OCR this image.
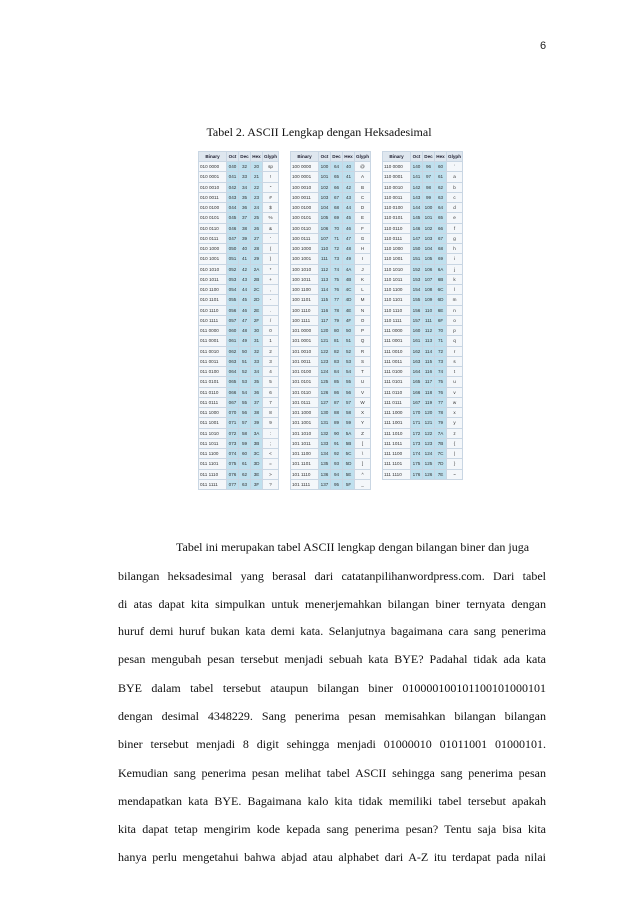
6
Tabel 2. ASCII Lengkap dengan Heksadesimal
Binary	Oct	Dec	Hex	Glyph
010 0000	040	32	20	sp
010 0001	041	33	21	!
010 0010	042	34	22	"
010 0011	043	35	23	#
010 0100	044	36	24	$
010 0101	045	37	25	%
010 0110	046	38	26	&
010 0111	047	39	27	'
010 1000	050	40	28	(
010 1001	051	41	29	)
010 1010	052	42	2A	*
010 1011	053	43	2B	+
010 1100	054	44	2C	,
010 1101	055	45	2D	-
010 1110	056	46	2E	.
010 1111	057	47	2F	/
011 0000	060	48	30	0
011 0001	061	49	31	1
011 0010	062	50	32	2
011 0011	063	51	33	3
011 0100	064	52	34	4
011 0101	065	53	35	5
011 0110	066	54	36	6
011 0111	067	55	37	7
011 1000	070	56	38	8
011 1001	071	57	39	9
011 1010	072	58	3A	:
011 1011	073	59	3B	;
011 1100	074	60	3C	<
011 1101	075	61	3D	=
011 1110	076	62	3E	>
011 1111	077	63	3F	?
Binary	Oct	Dec	Hex	Glyph
100 0000	100	64	40	@
100 0001	101	65	41	A
100 0010	102	66	42	B
100 0011	103	67	43	C
100 0100	104	68	44	D
100 0101	105	69	45	E
100 0110	106	70	46	F
100 0111	107	71	47	G
100 1000	110	72	48	H
100 1001	111	73	49	I
100 1010	112	74	4A	J
100 1011	113	75	4B	K
100 1100	114	76	4C	L
100 1101	115	77	4D	M
100 1110	116	78	4E	N
100 1111	117	79	4F	O
101 0000	120	80	50	P
101 0001	121	81	51	Q
101 0010	122	82	52	R
101 0011	123	83	53	S
101 0100	124	84	54	T
101 0101	125	85	55	U
101 0110	126	86	56	V
101 0111	127	87	57	W
101 1000	130	88	58	X
101 1001	131	89	59	Y
101 1010	132	90	5A	Z
101 1011	133	91	5B	[
101 1100	134	92	5C	\
101 1101	135	93	5D	]
101 1110	136	94	5E	^
101 1111	137	95	5F	_
Binary	Oct	Dec	Hex	Glyph
110 0000	140	96	60	`
110 0001	141	97	61	a
110 0010	142	98	62	b
110 0011	143	99	63	c
110 0100	144	100	64	d
110 0101	145	101	65	e
110 0110	146	102	66	f
110 0111	147	103	67	g
110 1000	150	104	68	h
110 1001	151	105	69	i
110 1010	152	106	6A	j
110 1011	153	107	6B	k
110 1100	154	108	6C	l
110 1101	155	109	6D	m
110 1110	156	110	6E	n
110 1111	157	111	6F	o
111 0000	160	112	70	p
111 0001	161	113	71	q
111 0010	162	114	72	r
111 0011	163	115	73	s
111 0100	164	116	74	t
111 0101	165	117	75	u
111 0110	166	118	76	v
111 0111	167	119	77	w
111 1000	170	120	78	x
111 1001	171	121	79	y
111 1010	172	122	7A	z
111 1011	173	123	7B	{
111 1100	174	124	7C	|
111 1101	175	125	7D	}
111 1110	176	126	7E	~
Tabel ini merupakan tabel ASCII lengkap dengan bilangan biner dan juga
bilangan heksadesimal yang berasal dari catatanpilihanwordpress.com. Dari tabel
di atas dapat kita simpulkan untuk menerjemahkan bilangan biner ternyata dengan
huruf demi huruf bukan kata demi kata. Selanjutnya bagaimana cara sang penerima
pesan mengubah pesan tersebut menjadi sebuah kata BYE? Padahal tidak ada kata
BYE dalam tabel tersebut ataupun bilangan biner 010000100101100101000101
dengan desimal 4348229. Sang penerima pesan memisahkan bilangan bilangan
biner tersebut menjadi 8 digit sehingga menjadi 01000010 01011001 01000101.
Kemudian sang penerima pesan melihat tabel ASCII sehingga sang penerima pesan
mendapatkan kata BYE. Bagaimana kalo kita tidak memiliki tabel tersebut apakah
kita dapat tetap mengirim kode kepada sang penerima pesan? Tentu saja bisa kita
hanya perlu mengetahui bahwa abjad atau alphabet dari A-Z itu terdapat pada nilai
